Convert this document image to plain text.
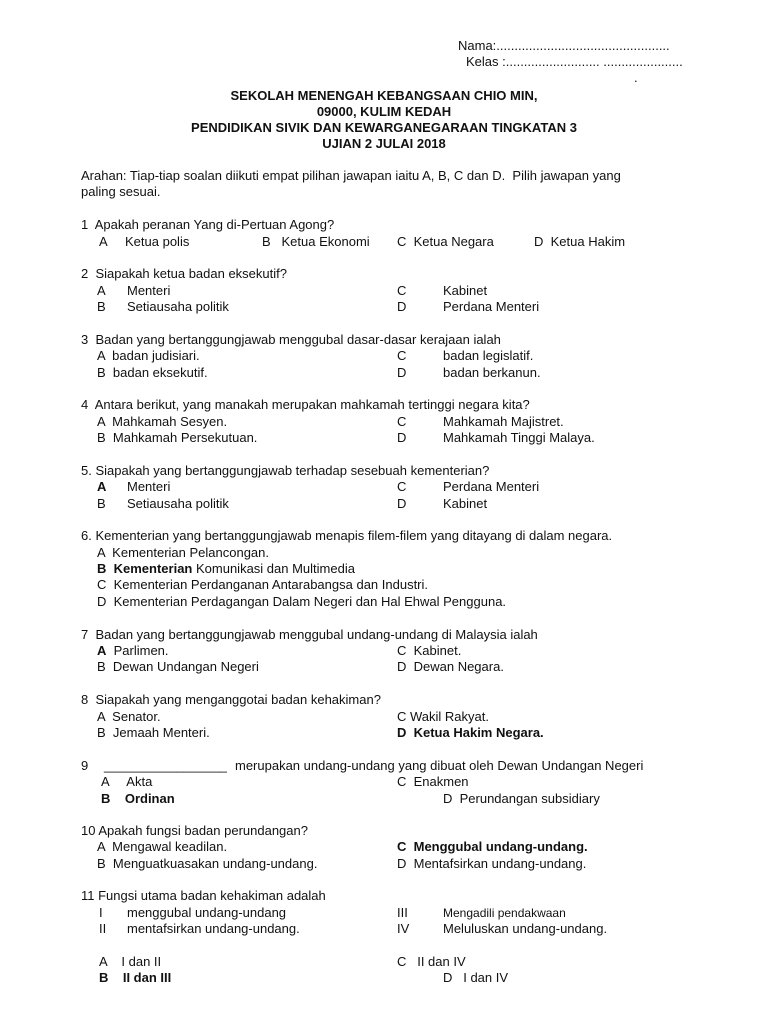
Nama:................................................
Kelas :.......................... ......................
.
SEKOLAH MENENGAH KEBANGSAAN CHIO MIN,
09000, KULIM KEDAH
PENDIDIKAN SIVIK DAN KEWARGANEGARAAN TINGKATAN 3
UJIAN 2 JULAI 2018
Arahan: Tiap-tiap soalan diikuti empat pilihan jawapan iaitu A, B, C dan D.  Pilih jawapan yang
paling sesuai.
1  Apakah peranan Yang di-Pertuan Agong?
A     Ketua polis	B   Ketua Ekonomi C  Ketua Negara	D  Ketua Hakim
2  Siapakah ketua badan eksekutif?
A Menteri	C	Kabinet
B Setiausaha politik	D	Perdana Menteri
3  Badan yang bertanggungjawab menggubal dasar-dasar kerajaan ialah
A  badan judisiari.	C	badan legislatif.
B  badan eksekutif.	D	badan berkanun.
4  Antara berikut, yang manakah merupakan mahkamah tertinggi negara kita?
A  Mahkamah Sesyen.	C	Mahkamah Majistret.
B  Mahkamah Persekutuan.	D	Mahkamah Tinggi Malaya.
5. Siapakah yang bertanggungjawab terhadap sesebuah kementerian?
A Menteri	C	Perdana Menteri
B Setiausaha politik	D	Kabinet
6. Kementerian yang bertanggungjawab menapis filem-filem yang ditayang di dalam negara.
A  Kementerian Pelancongan.
B  Kementerian Komunikasi dan Multimedia
C  Kementerian Perdanganan Antarabangsa dan Industri.
D  Kementerian Perdagangan Dalam Negeri dan Hal Ehwal Pengguna.
7  Badan yang bertanggungjawab menggubal undang-undang di Malaysia ialah
A  Parlimen.	C  Kabinet.
B  Dewan Undangan Negeri	D  Dewan Negara.
8  Siapakah yang menganggotai badan kehakiman?
A  Senator.	C Wakil Rakyat.
B  Jemaah Menteri.	D  Ketua Hakim Negara.
9 _________________ merupakan undang-undang yang dibuat oleh Dewan Undangan Negeri
A     Akta	C  Enakmen
B    Ordinan	D  Perundangan subsidiary
10 Apakah fungsi badan perundangan?
A  Mengawal keadilan.	C  Menggubal undang-undang.
B  Menguatkuasakan undang-undang.	D  Mentafsirkan undang-undang.
11 Fungsi utama badan kehakiman adalah
I menggubal undang-undang	III	Mengadili pendakwaan
II mentafsirkan undang-undang.	IV	Meluluskan undang-undang.
A    I dan II	C   II dan IV
B    II dan III	D   I dan IV
